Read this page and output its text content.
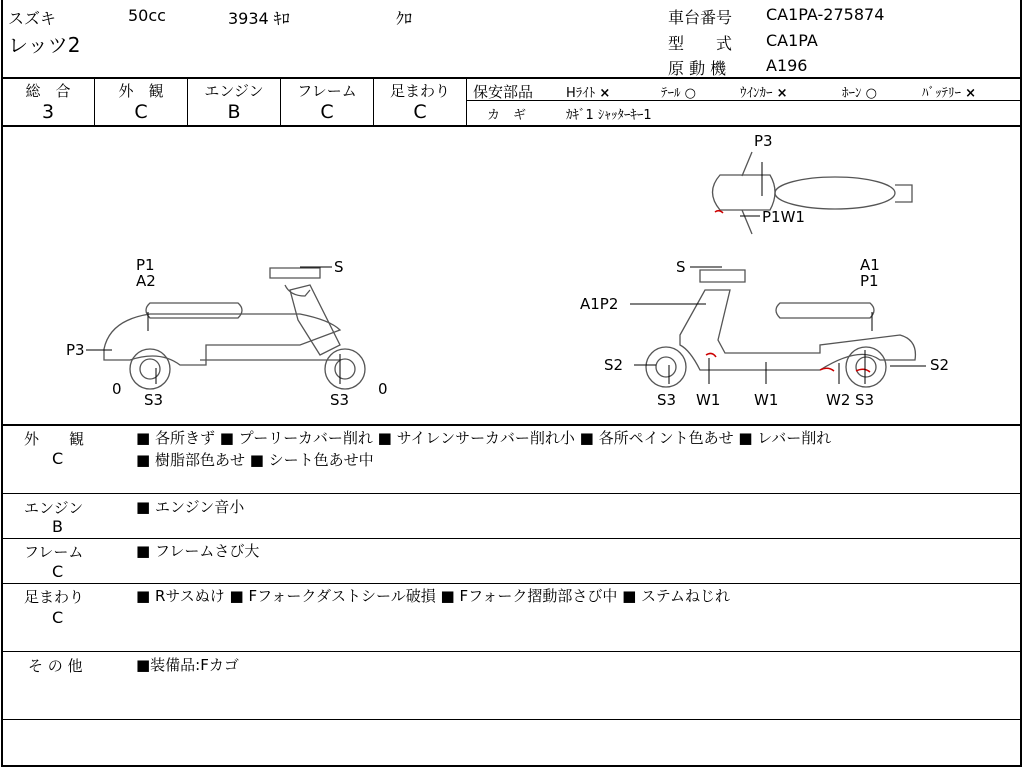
スズキ	50cc	3934 ｷﾛ	ｸﾛ
レッツ2
車台番号 CA1PA-275874
型　　式 CA1PA
原 動 機 A196
総　合
3
外　観
C
エンジン
B
フレーム
C
足まわり
C
保安部品	Hﾗｲﾄ ×	ﾃｰﾙ ○	ｳｲﾝｶｰ ×	ﾎｰﾝ ○	ﾊﾞｯﾃﾘｰ ×
カ　ギ	ｶｷﾞ1 ｼｬｯﾀｰｷｰ1
P3
P1W1
P1
A2
S
P3
0
S3	S3
0
S	A1
P1
A1P2
S2	S2
S3 W1 W1	W2 S3
外　　観
C
■ 各所きず ■ プーリーカバー削れ ■ サイレンサーカバー削れ小 ■ 各所ペイント色あせ ■ レバー削れ
■ 樹脂部色あせ ■ シート色あせ中
エンジン
B
■ エンジン音小
フレーム
C
■ フレームさび大
足まわり
C
■ Rサスぬけ ■ Fフォークダストシール破損 ■ Fフォーク摺動部さび中 ■ ステムねじれ
そ の 他	■装備品:Fカゴ
